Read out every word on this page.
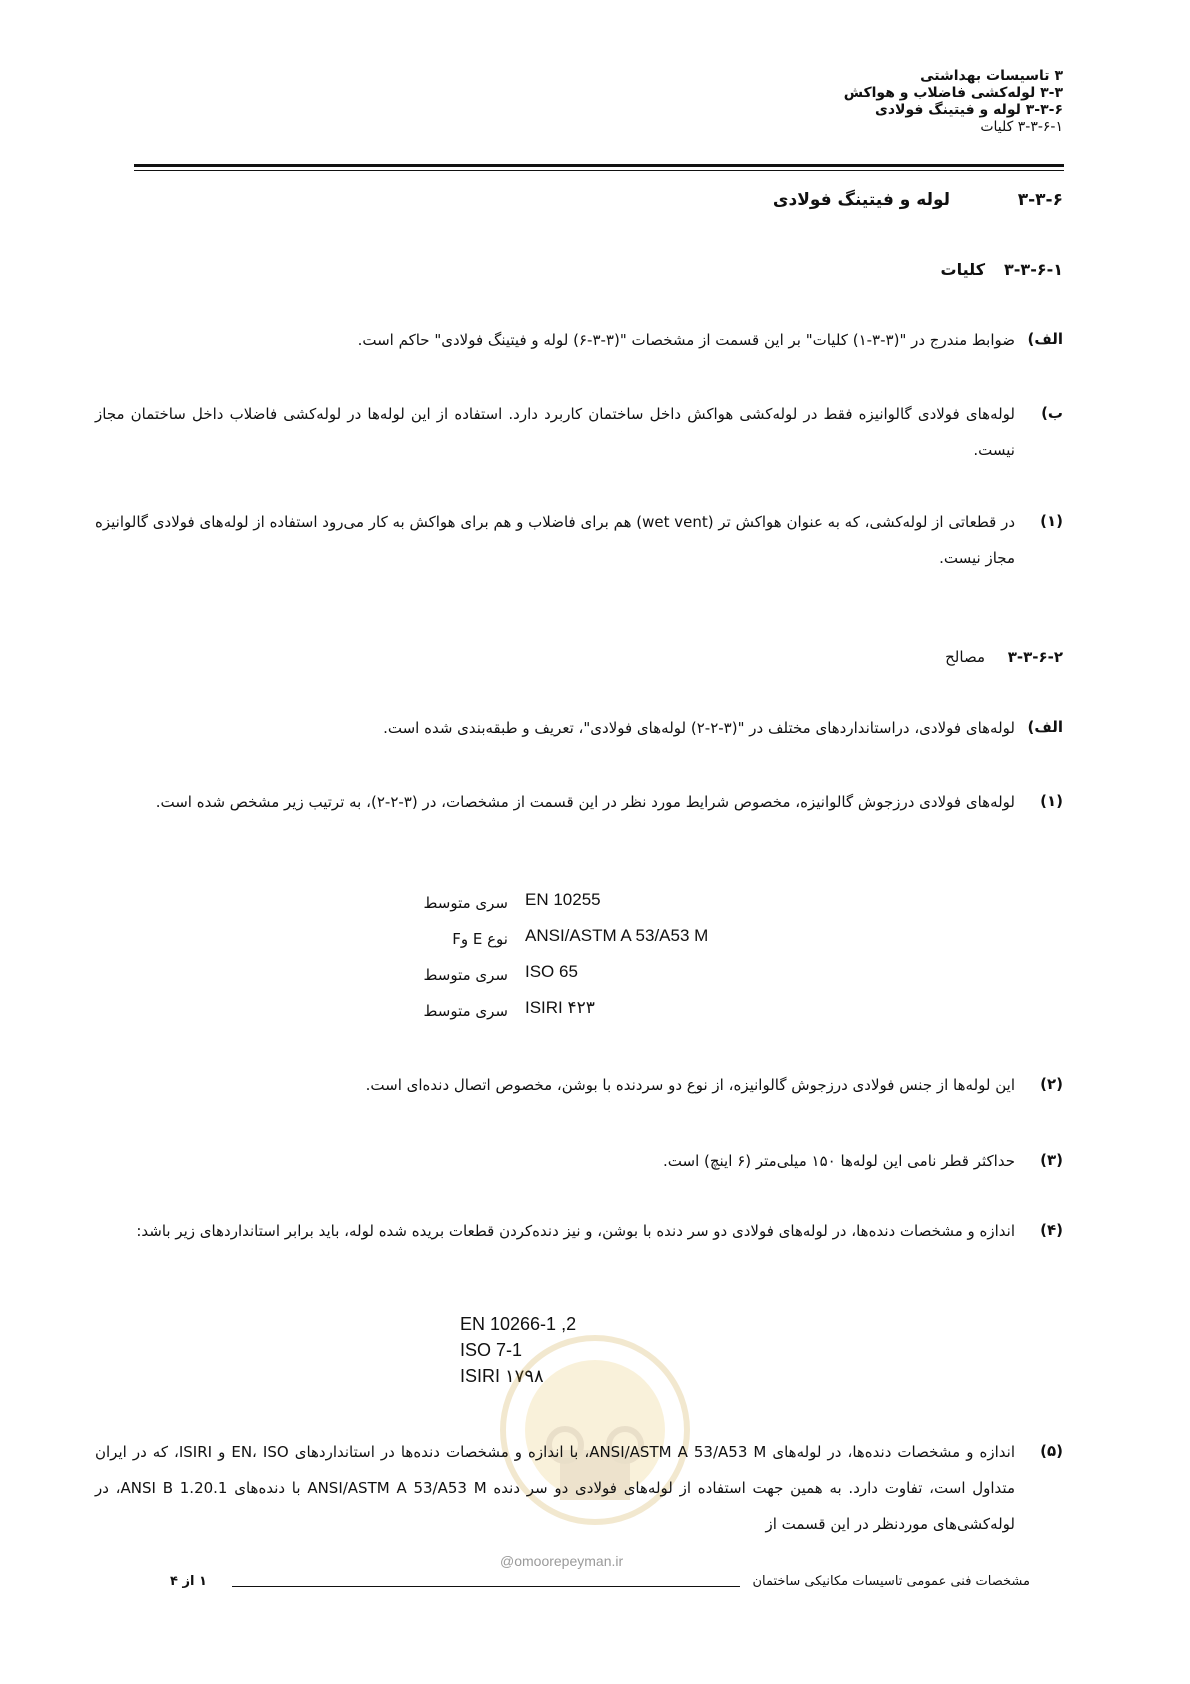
۳ تاسیسات بهداشتی
۳-۳ لوله‌کشی فاضلاب و هواکش
۳-۳-۶ لوله و فیتینگ فولادی
۳-۳-۶-۱ کلیات
۳-۳-۶
لوله و فیتینگ فولادی
۳-۳-۶-۱
کلیات
الف)
ضوابط مندرج در "(۳-۳-۱) کلیات" بر این قسمت از مشخصات "(۳-۳-۶) لوله و فیتینگ فولادی" حاکم است.
ب)
لوله‌های فولادی گالوانیزه فقط در لوله‌کشی هواکش داخل ساختمان کاربرد دارد. استفاده از این لوله‌ها در لوله‌کشی فاضلاب داخل ساختمان مجاز نیست.
(۱)
در قطعاتی از لوله‌کشی، که به عنوان هواکش تر (wet vent) هم برای فاضلاب و هم برای هواکش به کار می‌رود استفاده از لوله‌های فولادی گالوانیزه مجاز نیست.
۳-۳-۶-۲
مصالح
الف)
لوله‌های فولادی، دراستانداردهای مختلف در "(۳-۲-۲) لوله‌های فولادی"، تعریف و طبقه‌بندی شده است.
(۱)
لوله‌های فولادی درزجوش گالوانیزه، مخصوص شرایط مورد نظر در این قسمت از مشخصات، در (۳-۲-۲)، به ترتیب زیر مشخص شده است.
سری متوسط EN 10255
نوع E وF ANSI/ASTM A 53/A53 M
سری متوسط ISO 65
سری متوسط ISIRI ۴۲۳
(۲)
این لوله‌ها از جنس فولادی درزجوش گالوانیزه، از نوع دو سردنده با بوشن، مخصوص اتصال دنده‌ای است.
(۳)
حداکثر قطر نامی این لوله‌ها ۱۵۰ میلی‌متر (۶ اینچ) است.
(۴)
اندازه و مشخصات دنده‌ها، در لوله‌های فولادی دو سر دنده با بوشن، و نیز دنده‌کردن قطعات بریده شده لوله، باید برابر استانداردهای زیر باشد:
EN 10266-1 ,2
ISO 7-1
ISIRI ۱۷۹۸
(۵)
اندازه و مشخصات دنده‌ها، در لوله‌های ANSI/ASTM A 53/A53 M، با اندازه و مشخصات دنده‌ها در استانداردهای EN، ISO و ISIRI، که در ایران متداول است، تفاوت دارد. به همین جهت استفاده از لوله‌های فولادی دو سر دنده ANSI/ASTM A 53/A53 M با دنده‌های ANSI B 1.20.1، در لوله‌کشی‌های موردنظر در این قسمت از
@omoorepeyman.ir
مشخصات فنی عمومی تاسیسات مکانیکی ساختمان
۱ از ۴
